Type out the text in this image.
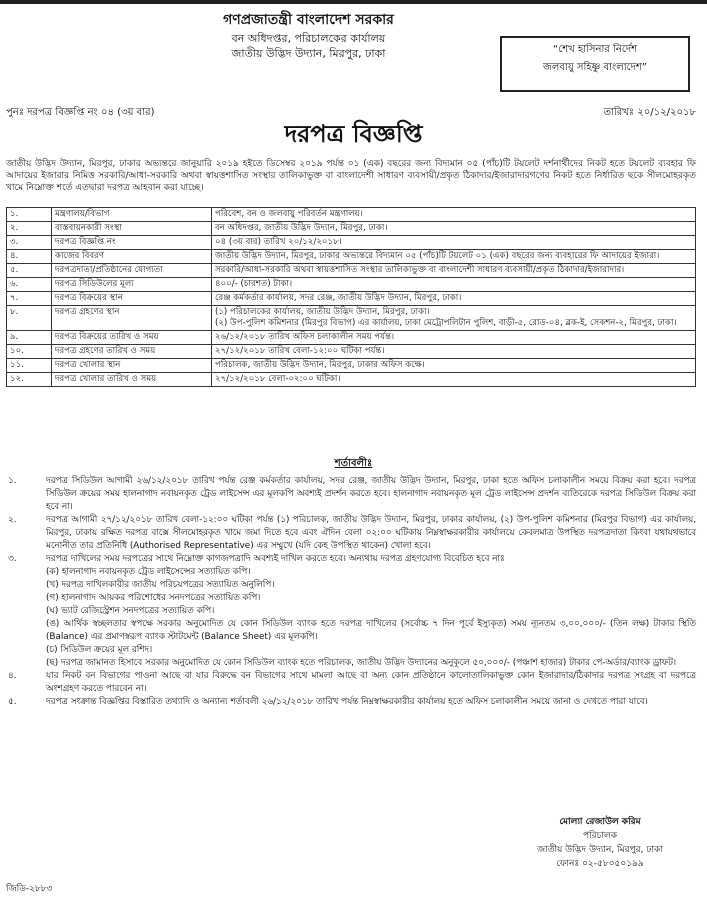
গণপ্রজাতন্ত্রী বাংলাদেশ সরকার
বন অধিদপ্তর, পরিচালকের কার্যালয়
জাতীয় উদ্ভিদ উদ্যান, মিরপুর, ঢাকা	“শেখ হাসিনার নির্দেশ
জলবায়ু সহিষ্ণু বাংলাদেশ”
পুনঃ দরপত্র বিজ্ঞপ্তি নং ০৪ (৩য় বার)	তারিখঃ ২০/১২/২০১৮
দরপত্র বিজ্ঞপ্তি
জাতীয় উদ্ভিদ উদ্যান, মিরপুর, ঢাকার অভ্যন্তরে জানুয়ারি ২০১৯ হইতে ডিসেম্বর ২০১৯ পর্যন্ত ০১ (এক) বছরের জন্য বিদ্যমান ০৫ (পাঁচ)টি টয়লেট দর্শনার্থীদের নিকট হতে টয়লেট ব্যবহার ফি আদায়ের ইজারার নিমিত্ত সরকারি/আধা-সরকারি অথবা স্বায়ত্তশাসিত সংস্থার তালিকাভুক্ত বা বাংলাদেশী সাধারণ ব্যবসায়ী/প্রকৃত ঠিকাদার/ইজারাদারগণের নিকট হতে নির্ধারিত ছকে সীলমোহরকৃত খামে নিম্নোক্ত শর্তে এতদ্বারা দরপত্র আহবান করা যাচ্ছে।
১.	মন্ত্রণালয়/বিভাগ	পরিবেশ, বন ও জলবায়ু পরিবর্তন মন্ত্রণালয়।
২.	বাস্তবায়নকারী সংস্থা	বন অধিদপ্তর, জাতীয় উদ্ভিদ উদ্যান, মিরপুর, ঢাকা।
৩.	দরপত্র বিজ্ঞপ্তি নং	০৪ (৩য় বার) তারিখ ২০/১২/২০১৮।
৪.	কাজের বিবরণ	জাতীয় উদ্ভিদ উদ্যান, মিরপুর, ঢাকার অভ্যন্তরে বিদ্যমান ০৫ (পাঁচ)টি টয়লেট ০১ (এক) বছরের জন্য ব্যবহারের ফি আদায়ের ইজারা।
৫.	দরপত্রদাতা/প্রতিষ্ঠানের যোগ্যতা	সরকারি/আধা-সরকারি অথবা স্বায়ত্তশাসিত সংস্থার তালিকাভুক্ত বা বাংলাদেশী সাধারণ ব্যবসায়ী/প্রকৃত ঠিকাদার/ইজারাদার।
৬.	দরপত্র সিডিউলের মূল্য	৪০০/- (চারশত) টাকা।
৭.	দরপত্র বিক্রয়ের স্থান	রেঞ্জ কর্মকর্তার কার্যালয়, সদর রেঞ্জ, জাতীয় উদ্ভিদ উদ্যান, মিরপুর, ঢাকা।
৮.	দরপত্র গ্রহণের স্থান	(১) পরিচালকের কার্যালয়, জাতীয় উদ্ভিদ উদ্যান, মিরপুর, ঢাকা।
(২) উপ-পুলিশ কমিশনার (মিরপুর বিভাগ) এর কার্যালয়, ঢাকা মেট্রোপলিটান পুলিশ, বাড়ী-৫, রোড-০৪, ব্লক-ই, সেকশন-২, মিরপুর, ঢাকা।
৯.	দরপত্র বিক্রয়ের তারিখ ও সময়	২৬/১২/২০১৮ তারিখ অফিস চলাকালীন সময় পর্যন্ত।
১০.	দরপত্র গ্রহণের তারিখ ও সময়	২৭/১২/২০১৮ তারিখ বেলা-১২:০০ ঘটিকা পর্যন্ত।
১১.	দরপত্র খোলার স্থান	পরিচালক, জাতীয় উদ্ভিদ উদ্যান, মিরপুর, ঢাকার অফিস কক্ষে।
১২.	দরপত্র খোলার তারিখ ও সময়	২৭/১২/২০১৮ বেলা-০২:০০ ঘটিকা।
শর্তাবলীঃ
১.	দরপত্র সিডিউল আগামী ২৬/১২/২০১৮ তারিখ পর্যন্ত রেঞ্জ কর্মকর্তার কার্যালয়, সদর রেঞ্জ, জাতীয় উদ্ভিদ উদ্যান, মিরপুর, ঢাকা হতে অফিস চলাকালীন সময়ে বিক্রয় করা হবে। দরপত্র সিডিউল ক্রয়ের সময় হালনাগাদ নবায়নকৃত ট্রেড লাইসেন্স এর মূলকপি অবশ্যই প্রদর্শন করতে হবে। হালনাগাদ নবায়নকৃত মূল ট্রেড লাইসেন্স প্রদর্শন ব্যতিরেকে দরপত্র সিডিউল বিক্রয় করা হবে না।
২.	দরপত্র আগামী ২৭/১২/২০১৮ তারিখ বেলা-১২:০০ ঘটিকা পর্যন্ত (১) পরিচালক, জাতীয় উদ্ভিদ উদ্যান, মিরপুর, ঢাকার কার্যালয়, (২) উপ-পুলিশ কমিশনার (মিরপুর বিভাগ) এর কার্যালয়, মিরপুর, ঢাকায় রক্ষিত দরপত্র বাক্সে সীলমোহরকৃত খামে জমা দিতে হবে এবং ঐদিন বেলা ০২:০০ ঘটিকায় নিম্নস্বাক্ষরকারীর কার্যালয়ে কেবলমাত্র উপস্থিত দরপত্রদাতা কিংবা যথাযথভাবে মনোনীত তার প্রতিনিধি (Authorised Representative) এর সম্মুখে (যদি কেহ উপস্থিত থাকেন) খোলা হবে।
৩.	দরপত্র দাখিলের সময় দরপত্রের সাথে নিম্নোক্ত কাগজপত্রাদি অবশ্যই দাখিল করতে হবে। অন্যথায় দরপত্র গ্রহণযোগ্য বিবেচিত হবে নাঃ
(ক) হালনাগাদ নবায়নকৃত ট্রেড লাইসেন্সের সত্যায়িত কপি।
(খ) দরপত্র দাখিলকারীর জাতীয় পরিচয়পত্রের সত্যায়িত অনুলিপি।
(গ) হালনাগাদ আয়কর পরিশোধের সনদপত্রের সত্যায়িত কপি।
(ঘ) ভ্যাট রেজিস্ট্রেশন সনদপত্রের সত্যায়িত কপি।
(ঙ) আর্থিক স্বচ্ছলতার স্বপক্ষে সরকার অনুমোদিত যে কোন সিডিউল ব্যাংক হতে দরপত্র দাখিলের (সর্বোচ্চ ৭ দিন পূর্বে ইস্যুকৃত) সময় ন্যূনতম ৩,০০,০০০/- (তিন লক্ষ) টাকার স্থিতি (Balance) এর প্রমাণস্বরূপ ব্যাংক স্টাটমেন্ট (Balance Sheet) এর মূলকপি।
(চ) সিডিউল ক্রয়ের মূল রশিদ।
(ছ) দরপত্র জামানত হিসাবে সরকার অনুমোদিত যে কোন সিডিউল ব্যাংক হতে পরিচালক, জাতীয় উদ্ভিদ উদ্যানের অনুকূলে ৫০,০০০/- (পঞ্চাশ হাজার) টাকার পে-অর্ডার/ব্যাংক ড্রাফট।
৪.	যার নিকট বন বিভাগের পাওনা আছে বা যার বিরুদ্ধে বন বিভাগের সাথে মামলা আছে বা অন্য কোন প্রতিষ্ঠানে কালোতালিকাভুক্ত কোন ইজারাদার/ঠিকাদার দরপত্র সংগ্রহ বা দরপত্রে অংশগ্রহণ করতে পারবেন না।
৫.	দরপত্র সংক্রান্ত বিজ্ঞপ্তির বিস্তারিত তথ্যাদি ও অন্যান্য শর্তাবলী ২৬/১২/২০১৮ তারিখ পর্যন্ত নিম্নস্বাক্ষরকারীর কার্যালয় হতে অফিস চলাকালীন সময়ে জানা ও দেখতে পারা যাবে।
মোল্যা রেজাউল করিম
পরিচালক
জাতীয় উদ্ভিদ উদ্যান, মিরপুর, ঢাকা
ফোনঃ ০২-৫৮০৫০১৯৯
জিডি-২৮৮৩
